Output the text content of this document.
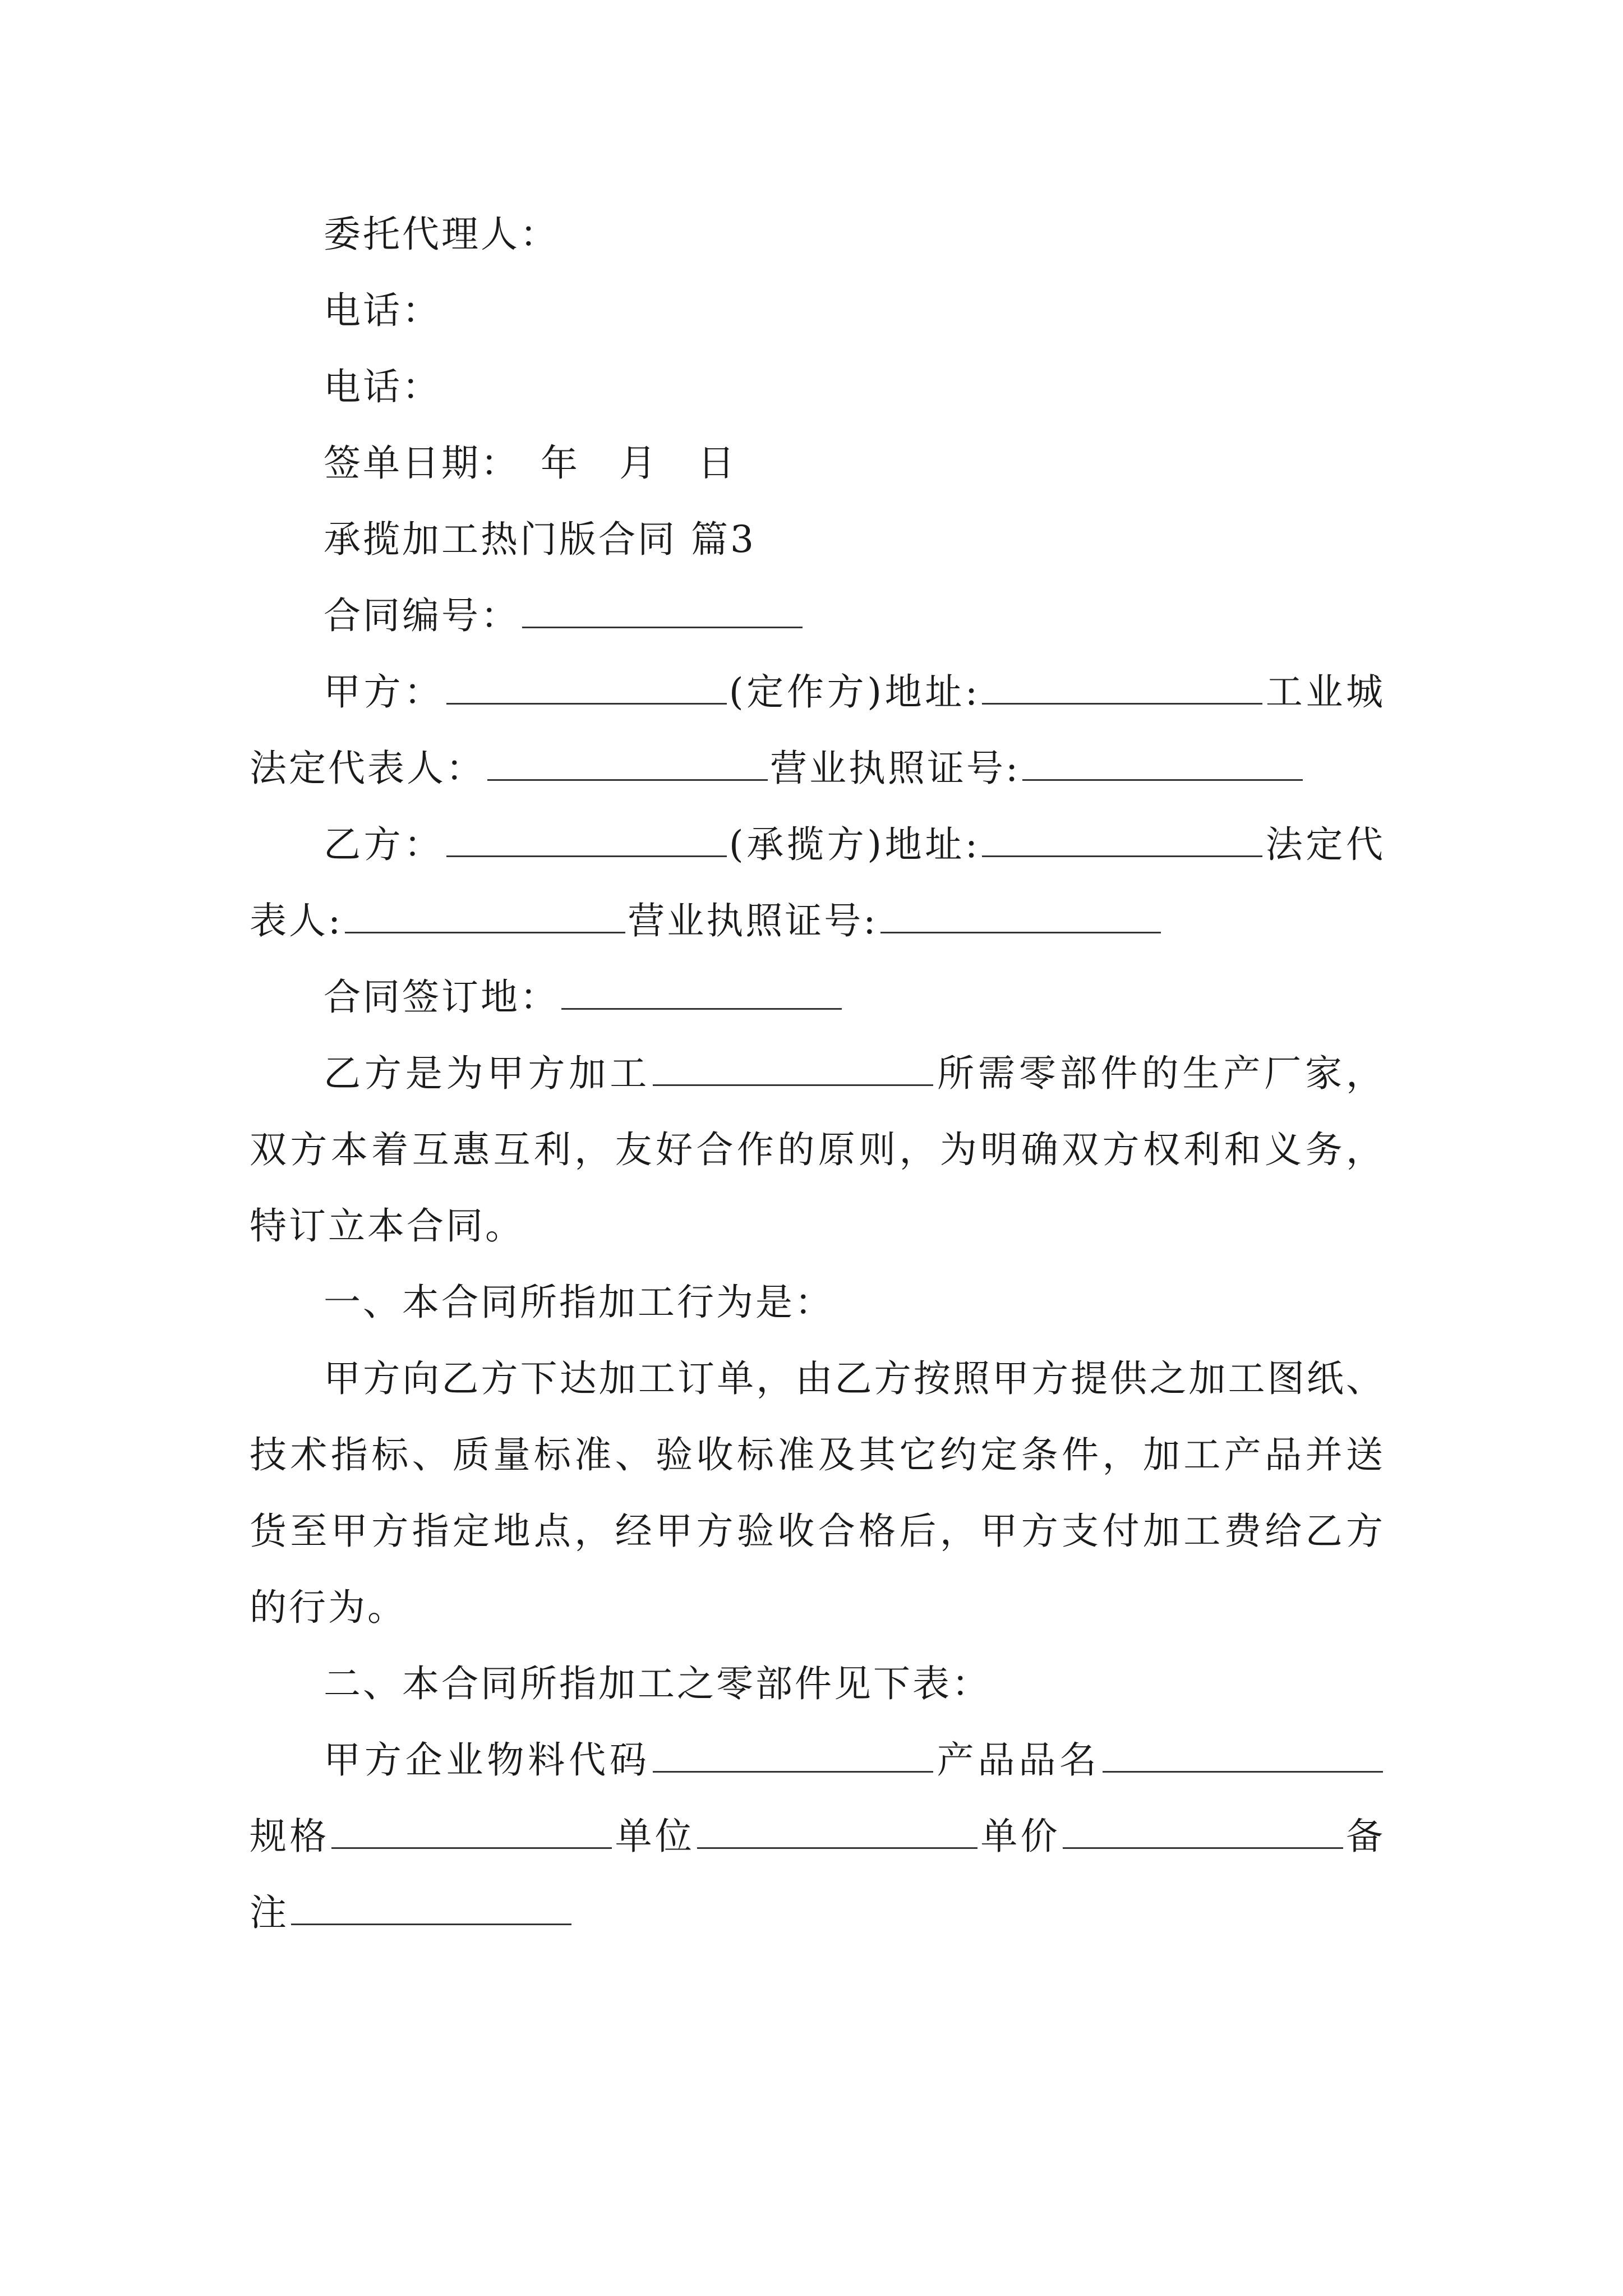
委托代理人：

电话：

电话：

签单日期：　年　月　日

承揽加工热门版合同 篇3

合同编号：

甲方：	(定作方)地址:	工业城法定代表人：	营业执照证号:

乙方：	(承揽方)地址:	法定代表人:	营业执照证号:

合同签订地：

乙方是为甲方加工	所需零部件的生产厂家，双方本着互惠互利，友好合作的原则，为明确双方权利和义务，特订立本合同。

一、本合同所指加工行为是：

甲方向乙方下达加工订单，由乙方按照甲方提供之加工图纸、技术指标、质量标准、验收标准及其它约定条件，加工产品并送货至甲方指定地点，经甲方验收合格后，甲方支付加工费给乙方的行为。

二、本合同所指加工之零部件见下表：

甲方企业物料代码	产品品名规格	单位	单价	备注
